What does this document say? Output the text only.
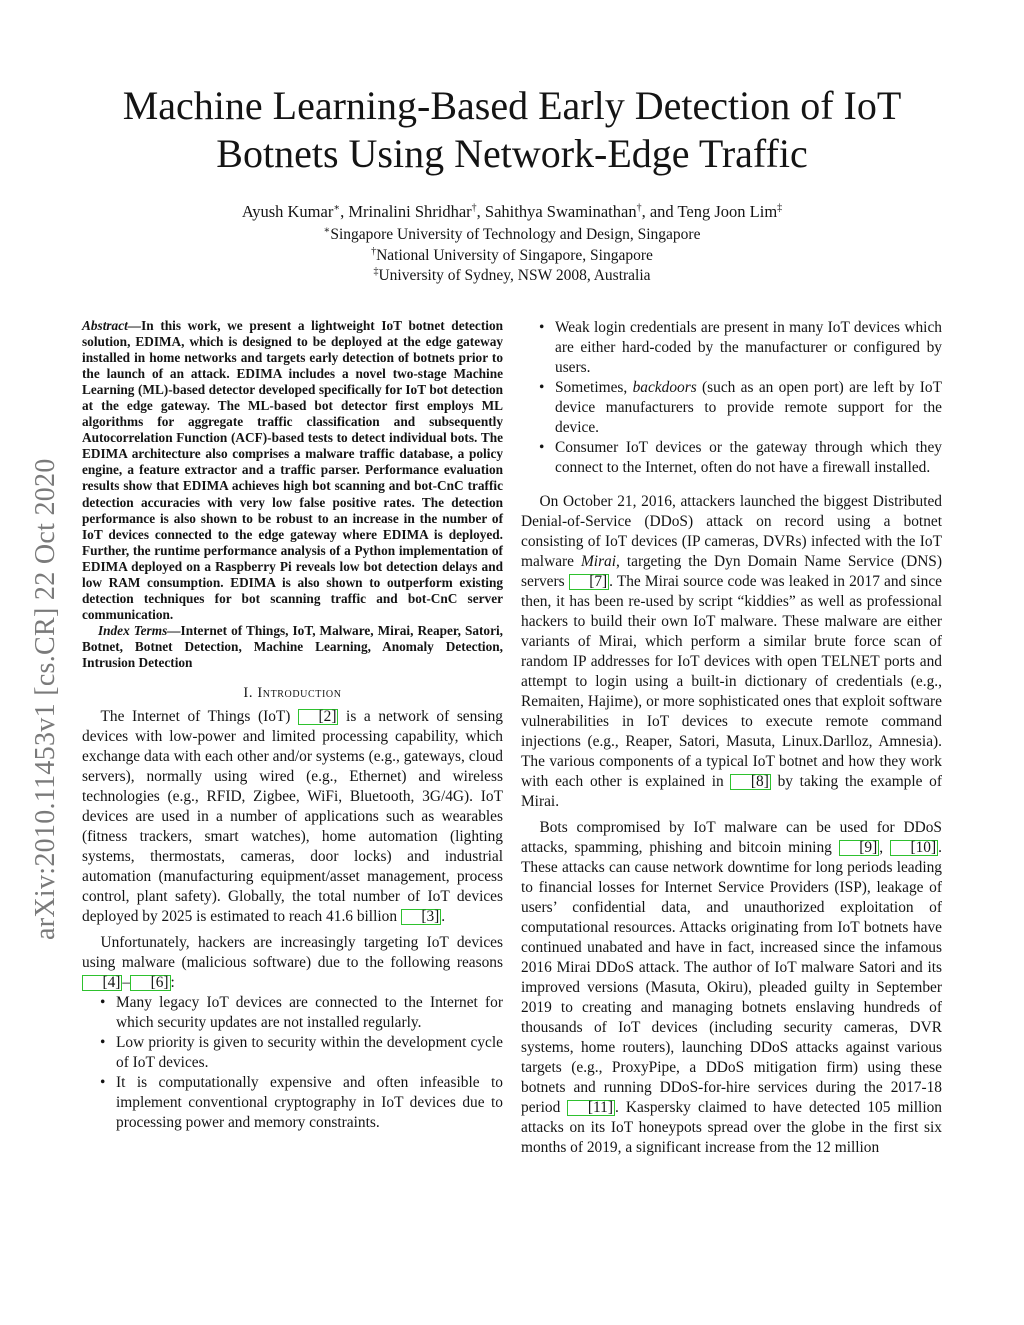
Machine Learning-Based Early Detection of IoT
Botnets Using Network-Edge Traffic
Ayush Kumar∗, Mrinalini Shridhar†, Sahithya Swaminathan†, and Teng Joon Lim‡
∗Singapore University of Technology and Design, Singapore
†National University of Singapore, Singapore
‡University of Sydney, NSW 2008, Australia
arXiv:2010.11453v1 [cs.CR] 22 Oct 2020

Abstract—In this work, we present a lightweight IoT botnet detection solution, EDIMA, which is designed to be deployed at the edge gateway installed in home networks and targets early detection of botnets prior to the launch of an attack. EDIMA includes a novel two-stage Machine Learning (ML)-based detector developed specifically for IoT bot detection at the edge gateway. The ML-based bot detector first employs ML algorithms for aggregate traffic classification and subsequently Autocorrelation Function (ACF)-based tests to detect individual bots. The EDIMA architecture also comprises a malware traffic database, a policy engine, a feature extractor and a traffic parser. Performance evaluation results show that EDIMA achieves high bot scanning and bot-CnC traffic detection accuracies with very low false positive rates. The detection performance is also shown to be robust to an increase in the number of IoT devices connected to the edge gateway where EDIMA is deployed. Further, the runtime performance analysis of a Python implementation of EDIMA deployed on a Raspberry Pi reveals low bot detection delays and low RAM consumption. EDIMA is also shown to outperform existing detection techniques for bot scanning traffic and bot-CnC server communication.

Index Terms—Internet of Things, IoT, Malware, Mirai, Reaper, Satori, Botnet, Botnet Detection, Machine Learning, Anomaly Detection, Intrusion Detection

I. Introduction

The Internet of Things (IoT) [2] is a network of sensing devices with low-power and limited processing capability, which exchange data with each other and/or systems (e.g., gateways, cloud servers), normally using wired (e.g., Ethernet) and wireless technologies (e.g., RFID, Zigbee, WiFi, Bluetooth, 3G/4G). IoT devices are used in a number of applications such as wearables (fitness trackers, smart watches), home automation (lighting systems, thermostats, cameras, door locks) and industrial automation (manufacturing equipment/asset management, process control, plant safety). Globally, the total number of IoT devices deployed by 2025 is estimated to reach 41.6 billion [3] .

Unfortunately, hackers are increasingly targeting IoT devices using malware (malicious software) due to the following reasons [4] – [6] :

• Many legacy IoT devices are connected to the Internet for which security updates are not installed regularly.
• Low priority is given to security within the development cycle of IoT devices.
• It is computationally expensive and often infeasible to implement conventional cryptography in IoT devices due to processing power and memory constraints.
• Weak login credentials are present in many IoT devices which are either hard-coded by the manufacturer or configured by users.
• Sometimes, backdoors (such as an open port) are left by IoT device manufacturers to provide remote support for the device.
• Consumer IoT devices or the gateway through which they connect to the Internet, often do not have a firewall installed.

On October 21, 2016, attackers launched the biggest Distributed Denial-of-Service (DDoS) attack on record using a botnet consisting of IoT devices (IP cameras, DVRs) infected with the IoT malware Mirai, targeting the Dyn Domain Name Service (DNS) servers [7] . The Mirai source code was leaked in 2017 and since then, it has been re-used by script “kiddies” as well as professional hackers to build their own IoT malware. These malware are either variants of Mirai, which perform a similar brute force scan of random IP addresses for IoT devices with open TELNET ports and attempt to login using a built-in dictionary of credentials (e.g., Remaiten, Hajime), or more sophisticated ones that exploit software vulnerabilities in IoT devices to execute remote command injections (e.g., Reaper, Satori, Masuta, Linux.Darlloz, Amnesia). The various components of a typical IoT botnet and how they work with each other is explained in [8] by taking the example of Mirai.

Bots compromised by IoT malware can be used for DDoS attacks, spamming, phishing and bitcoin mining [9] , [10] . These attacks can cause network downtime for long periods leading to financial losses for Internet Service Providers (ISP), leakage of users’ confidential data, and unauthorized exploitation of computational resources. Attacks originating from IoT botnets have continued unabated and have in fact, increased since the infamous 2016 Mirai DDoS attack. The author of IoT malware Satori and its improved versions (Masuta, Okiru), pleaded guilty in September 2019 to creating and managing botnets enslaving hundreds of thousands of IoT devices (including security cameras, DVR systems, home routers), launching DDoS attacks against various targets (e.g., ProxyPipe, a DDoS mitigation firm) using these botnets and running DDoS-for-hire services during the 2017-18 period [11] . Kaspersky claimed to have detected 105 million attacks on its IoT honeypots spread over the globe in the first six months of 2019, a significant increase from the 12 million
